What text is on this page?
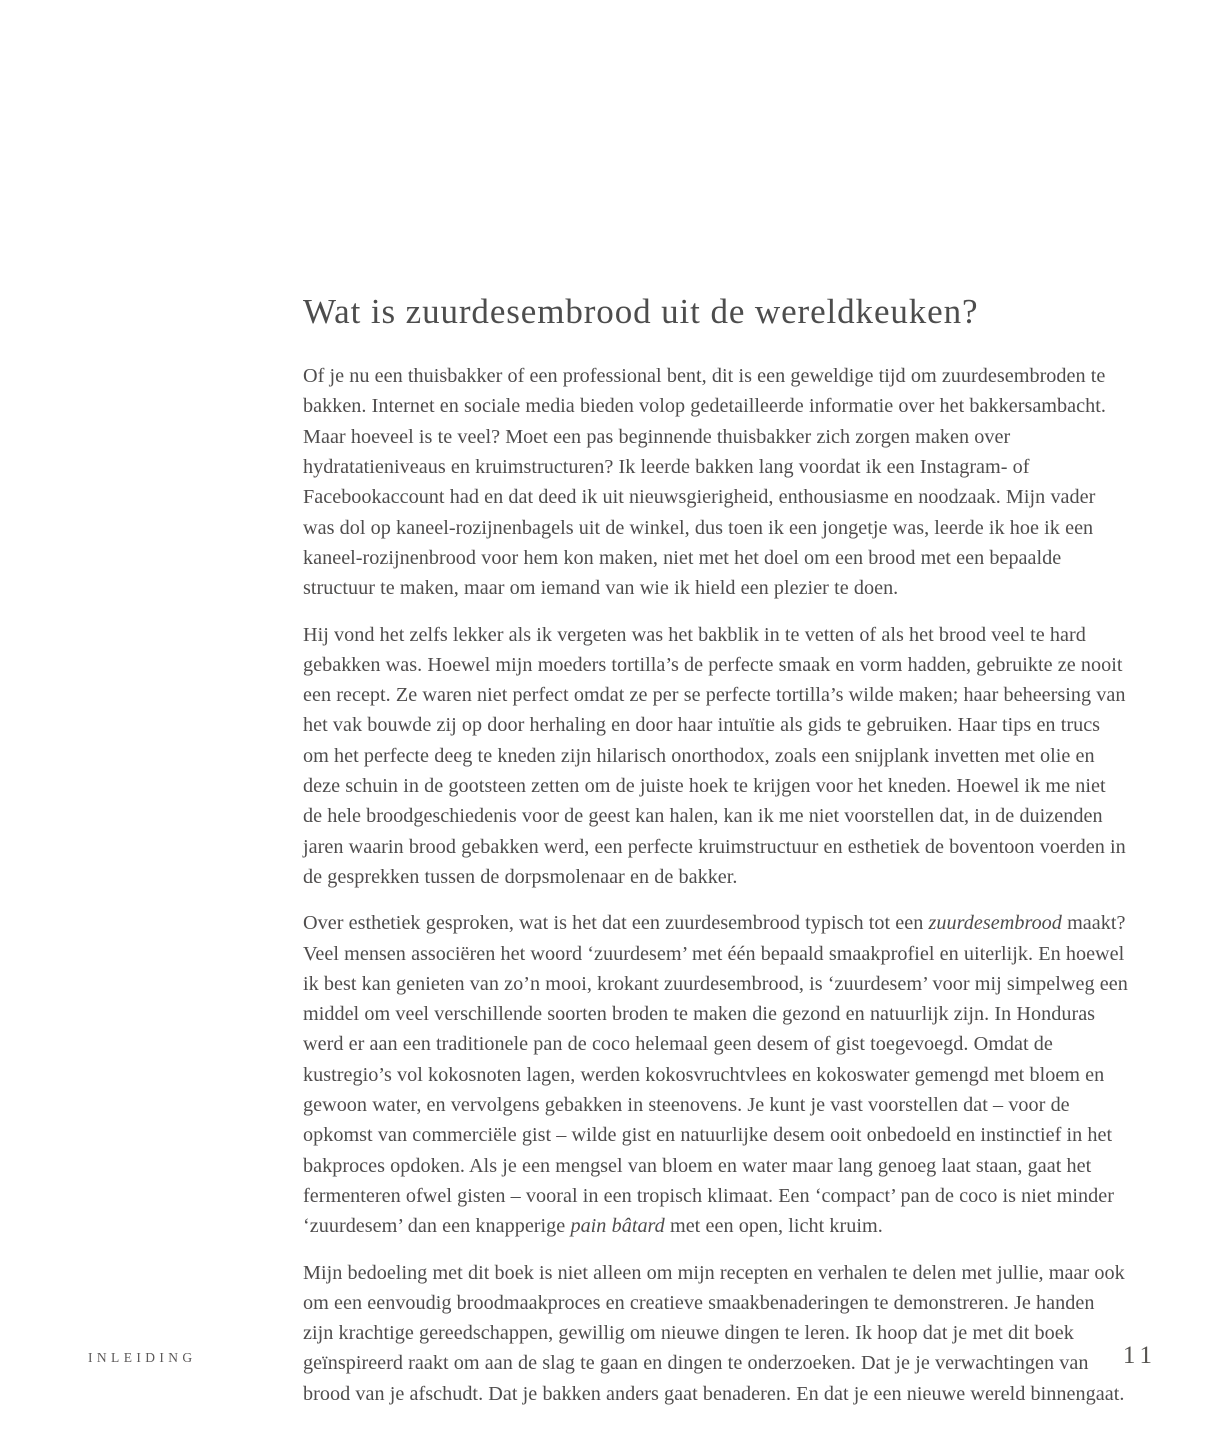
Wat is zuurdesembrood uit de wereldkeuken?

Of je nu een thuisbakker of een professional bent, dit is een geweldige tijd om zuurdesembroden te bakken. Internet en sociale media bieden volop gedetailleerde informatie over het bakkersambacht. Maar hoeveel is te veel? Moet een pas beginnende thuisbakker zich zorgen maken over hydratatieniveaus en kruimstructuren? Ik leerde bakken lang voordat ik een Instagram- of Facebookaccount had en dat deed ik uit nieuwsgierigheid, enthousiasme en noodzaak. Mijn vader was dol op kaneel-rozijnenbagels uit de winkel, dus toen ik een jongetje was, leerde ik hoe ik een kaneel-rozijnenbrood voor hem kon maken, niet met het doel om een brood met een bepaalde structuur te maken, maar om iemand van wie ik hield een plezier te doen.

Hij vond het zelfs lekker als ik vergeten was het bakblik in te vetten of als het brood veel te hard gebakken was. Hoewel mijn moeders tortilla’s de perfecte smaak en vorm hadden, gebruikte ze nooit een recept. Ze waren niet perfect omdat ze per se perfecte tortilla’s wilde maken; haar beheersing van het vak bouwde zij op door herhaling en door haar intuïtie als gids te gebruiken. Haar tips en trucs om het perfecte deeg te kneden zijn hilarisch onorthodox, zoals een snijplank invetten met olie en deze schuin in de gootsteen zetten om de juiste hoek te krijgen voor het kneden. Hoewel ik me niet de hele broodgeschiedenis voor de geest kan halen, kan ik me niet voorstellen dat, in de duizenden jaren waarin brood gebakken werd, een perfecte kruimstructuur en esthetiek de boventoon voerden in de gesprekken tussen de dorpsmolenaar en de bakker.

Over esthetiek gesproken, wat is het dat een zuurdesembrood typisch tot een zuurdesembrood maakt? Veel mensen associëren het woord ‘zuurdesem’ met één bepaald smaakprofiel en uiterlijk. En hoewel ik best kan genieten van zo’n mooi, krokant zuurdesembrood, is ‘zuurdesem’ voor mij simpelweg een middel om veel verschillende soorten broden te maken die gezond en natuurlijk zijn. In Honduras werd er aan een traditionele pan de coco helemaal geen desem of gist toegevoegd. Omdat de kustregio’s vol kokosnoten lagen, werden kokosvruchtvlees en kokoswater gemengd met bloem en gewoon water, en vervolgens gebakken in steenovens. Je kunt je vast voorstellen dat – voor de opkomst van commerciële gist – wilde gist en natuurlijke desem ooit onbedoeld en instinctief in het bakproces opdoken. Als je een mengsel van bloem en water maar lang genoeg laat staan, gaat het fermenteren ofwel gisten – vooral in een tropisch klimaat. Een ‘compact’ pan de coco is niet minder ‘zuurdesem’ dan een knapperige pain bâtard met een open, licht kruim.

Mijn bedoeling met dit boek is niet alleen om mijn recepten en verhalen te delen met jullie, maar ook om een eenvoudig broodmaakproces en creatieve smaakbenaderingen te demonstreren. Je handen zijn krachtige gereedschappen, gewillig om nieuwe dingen te leren. Ik hoop dat je met dit boek geïnspireerd raakt om aan de slag te gaan en dingen te onderzoeken. Dat je je verwachtingen van brood van je afschudt. Dat je bakken anders gaat benaderen. En dat je een nieuwe wereld binnengaat.

INLEIDING	11
